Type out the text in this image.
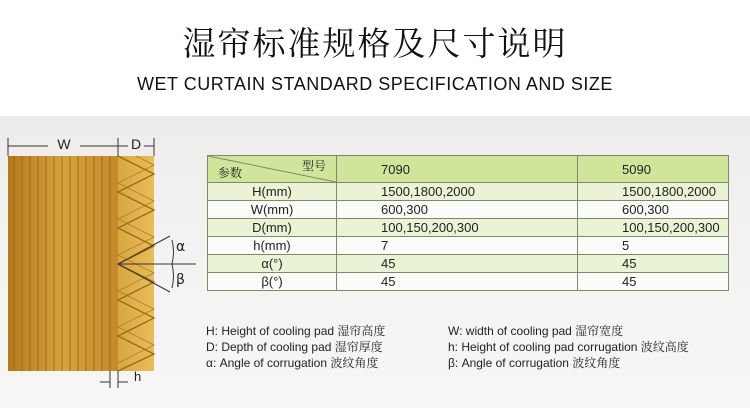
湿帘标准规格及尺寸说明
WET CURTAIN STANDARD SPECIFICATION AND SIZE
W	D
α
β
h
型号
参数	7090	5090
H(mm)	1500,1800,2000	1500,1800,2000
W(mm)	600,300	600,300
D(mm)	100,150,200,300	100,150,200,300
h(mm)	7	5
α(°)	45	45
β(°)	45	45
H: Height of cooling pad 湿帘高度
D: Depth of cooling pad 湿帘厚度
α: Angle of corrugation 波纹角度
W: width of cooling pad 湿帘宽度
h: Height of cooling pad corrugation 波纹高度
β: Angle of corrugation 波纹角度
